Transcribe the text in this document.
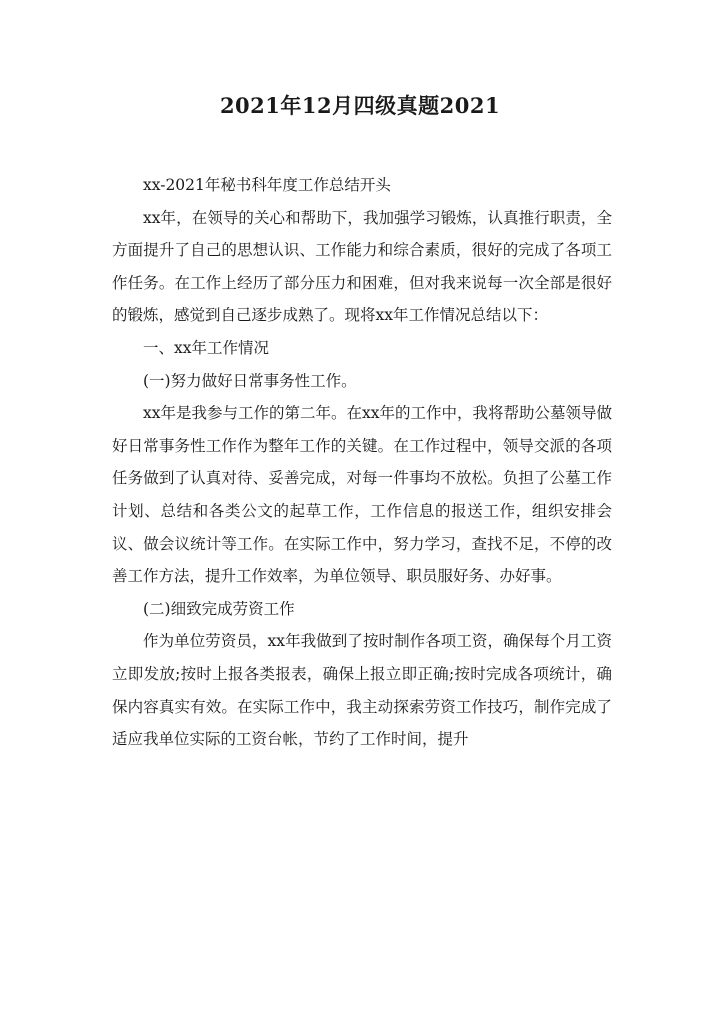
2021年12月四级真题2021

xx-2021年秘书科年度工作总结开头

xx年，在领导的关心和帮助下，我加强学习锻炼，认真推行职责，全方面提升了自己的思想认识、工作能力和综合素质，很好的完成了各项工作任务。在工作上经历了部分压力和困难，但对我来说每一次全部是很好的锻炼，感觉到自己逐步成熟了。现将xx年工作情况总结以下：

一、xx年工作情况

(一)努力做好日常事务性工作。

xx年是我参与工作的第二年。在xx年的工作中，我将帮助公墓领导做好日常事务性工作作为整年工作的关键。在工作过程中，领导交派的各项任务做到了认真对待、妥善完成，对每一件事均不放松。负担了公墓工作计划、总结和各类公文的起草工作，工作信息的报送工作，组织安排会议、做会议统计等工作。在实际工作中，努力学习，查找不足，不停的改善工作方法，提升工作效率，为单位领导、职员服好务、办好事。

(二)细致完成劳资工作

作为单位劳资员，xx年我做到了按时制作各项工资，确保每个月工资立即发放;按时上报各类报表，确保上报立即正确;按时完成各项统计，确保内容真实有效。在实际工作中，我主动探索劳资工作技巧，制作完成了适应我单位实际的工资台帐，节约了工作时间，提升
